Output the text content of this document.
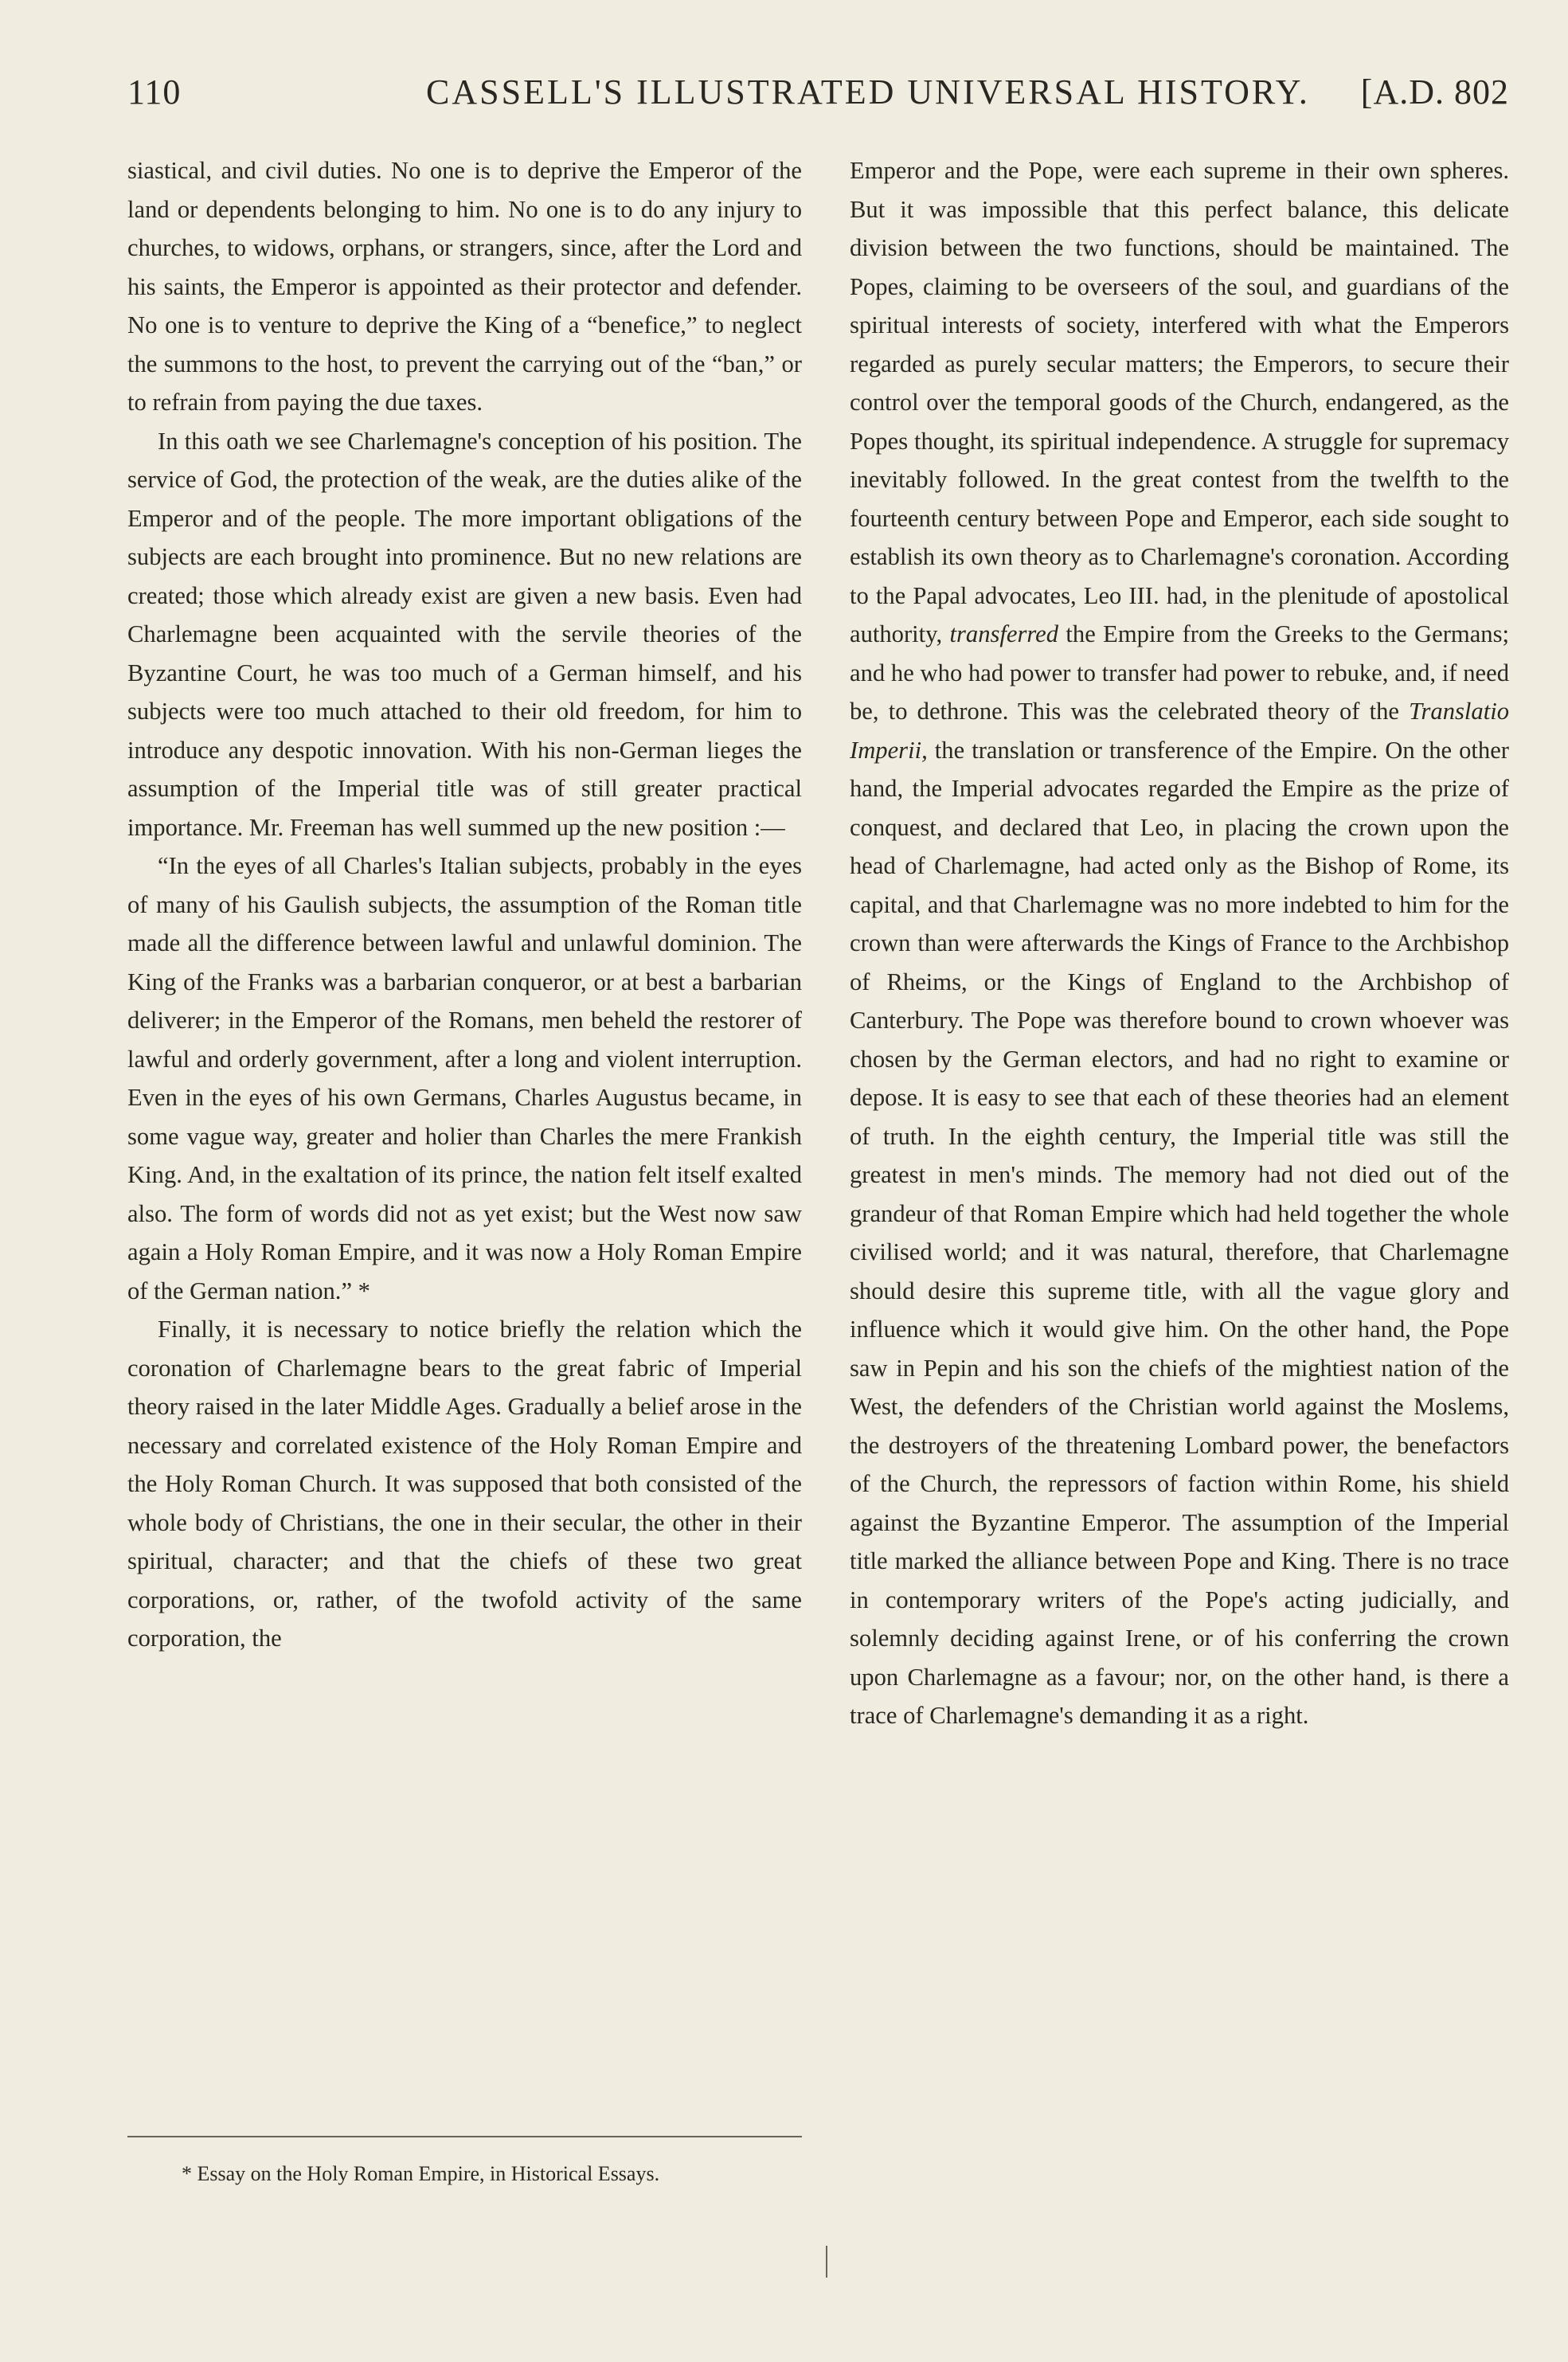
110	CASSELL'S ILLUSTRATED UNIVERSAL HISTORY. [A.D. 802

siastical, and civil duties. No one is to deprive the Emperor of the land or dependents belonging to him. No one is to do any injury to churches, to widows, orphans, or strangers, since, after the Lord and his saints, the Emperor is appointed as their protector and defender. No one is to venture to deprive the King of a “benefice,” to neglect the summons to the host, to prevent the carrying out of the “ban,” or to refrain from paying the due taxes.

In this oath we see Charlemagne's conception of his position. The service of God, the protection of the weak, are the duties alike of the Emperor and of the people. The more important obligations of the subjects are each brought into prominence. But no new relations are created; those which already exist are given a new basis. Even had Charlemagne been acquainted with the servile theories of the Byzantine Court, he was too much of a German himself, and his subjects were too much attached to their old freedom, for him to introduce any despotic innovation. With his non-German lieges the assumption of the Imperial title was of still greater practical importance. Mr. Freeman has well summed up the new position :—

“In the eyes of all Charles's Italian subjects, probably in the eyes of many of his Gaulish subjects, the assumption of the Roman title made all the difference between lawful and unlawful dominion. The King of the Franks was a barbarian conqueror, or at best a barbarian deliverer; in the Emperor of the Romans, men beheld the restorer of lawful and orderly government, after a long and violent interruption. Even in the eyes of his own Germans, Charles Augustus became, in some vague way, greater and holier than Charles the mere Frankish King. And, in the exaltation of its prince, the nation felt itself exalted also. The form of words did not as yet exist; but the West now saw again a Holy Roman Empire, and it was now a Holy Roman Empire of the German nation.” *

Finally, it is necessary to notice briefly the relation which the coronation of Charlemagne bears to the great fabric of Imperial theory raised in the later Middle Ages. Gradually a belief arose in the necessary and correlated existence of the Holy Roman Empire and the Holy Roman Church. It was supposed that both consisted of the whole body of Christians, the one in their secular, the other in their spiritual, character; and that the chiefs of these two great corporations, or, rather, of the twofold activity of the same corporation, the

* Essay on the Holy Roman Empire, in Historical Essays.

Emperor and the Pope, were each supreme in their own spheres. But it was impossible that this perfect balance, this delicate division between the two functions, should be maintained. The Popes, claiming to be overseers of the soul, and guardians of the spiritual interests of society, interfered with what the Emperors regarded as purely secular matters; the Emperors, to secure their control over the temporal goods of the Church, endangered, as the Popes thought, its spiritual independence. A struggle for supremacy inevitably followed. In the great contest from the twelfth to the fourteenth century between Pope and Emperor, each side sought to establish its own theory as to Charlemagne's coronation. According to the Papal advocates, Leo III. had, in the plenitude of apostolical authority, transferred the Empire from the Greeks to the Germans; and he who had power to transfer had power to rebuke, and, if need be, to dethrone. This was the celebrated theory of the Translatio Imperii, the translation or transference of the Empire. On the other hand, the Imperial advocates regarded the Empire as the prize of conquest, and declared that Leo, in placing the crown upon the head of Charlemagne, had acted only as the Bishop of Rome, its capital, and that Charlemagne was no more indebted to him for the crown than were afterwards the Kings of France to the Archbishop of Rheims, or the Kings of England to the Archbishop of Canterbury. The Pope was therefore bound to crown whoever was chosen by the German electors, and had no right to examine or depose. It is easy to see that each of these theories had an element of truth. In the eighth century, the Imperial title was still the greatest in men's minds. The memory had not died out of the grandeur of that Roman Empire which had held together the whole civilised world; and it was natural, therefore, that Charlemagne should desire this supreme title, with all the vague glory and influence which it would give him. On the other hand, the Pope saw in Pepin and his son the chiefs of the mightiest nation of the West, the defenders of the Christian world against the Moslems, the destroyers of the threatening Lombard power, the benefactors of the Church, the repressors of faction within Rome, his shield against the Byzantine Emperor. The assumption of the Imperial title marked the alliance between Pope and King. There is no trace in contemporary writers of the Pope's acting judicially, and solemnly deciding against Irene, or of his conferring the crown upon Charlemagne as a favour; nor, on the other hand, is there a trace of Charlemagne's demanding it as a right.
